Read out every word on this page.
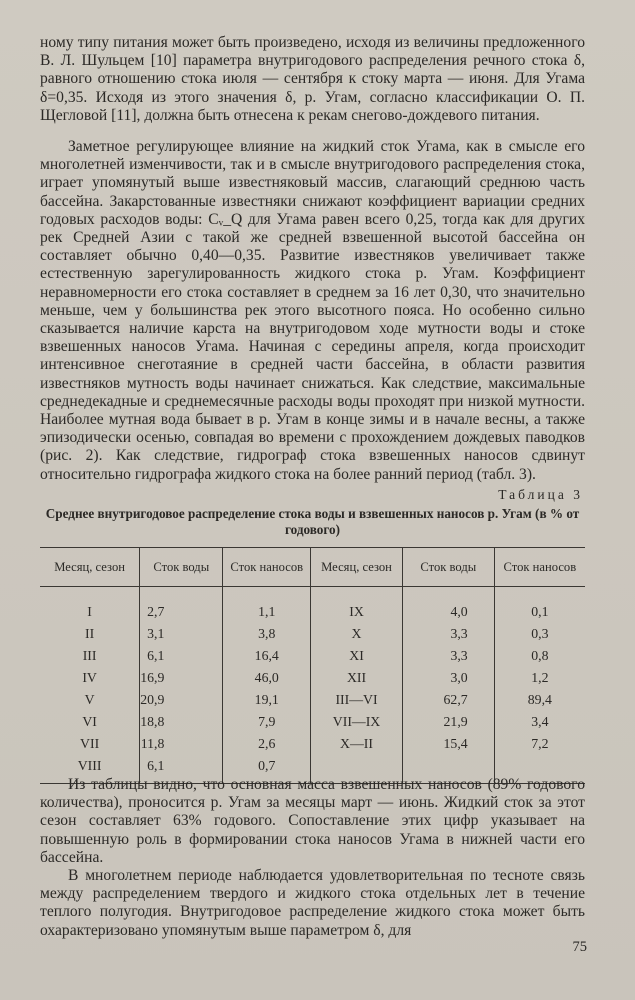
ному типу питания может быть произведено, исходя из величины предложенного В. Л. Шульцем [10] параметра внутригодового распределения речного стока δ, равного отношению стока июля — сентября к стоку марта — июня. Для Угама δ=0,35. Исходя из этого значения δ, р. Угам, согласно классификации О. П. Щегловой [11], должна быть отнесена к рекам снегово-дождевого питания.

Заметное регулирующее влияние на жидкий сток Угама, как в смысле его многолетней изменчивости, так и в смысле внутригодового распределения стока, играет упомянутый выше известняковый массив, слагающий среднюю часть бассейна. Закарстованные известняки снижают коэффициент вариации средних годовых расходов воды: Cᵥ_Q для Угама равен всего 0,25, тогда как для других рек Средней Азии с такой же средней взвешенной высотой бассейна он составляет обычно 0,40—0,35. Развитие известняков увеличивает также естественную зарегулированность жидкого стока р. Угам. Коэффициент неравномерности его стока составляет в среднем за 16 лет 0,30, что значительно меньше, чем у большинства рек этого высотного пояса. Но особенно сильно сказывается наличие карста на внутригодовом ходе мутности воды и стоке взвешенных наносов Угама. Начиная с середины апреля, когда происходит интенсивное снеготаяние в средней части бассейна, в области развития известняков мутность воды начинает снижаться. Как следствие, максимальные среднедекадные и среднемесячные расходы воды проходят при низкой мутности. Наиболее мутная вода бывает в р. Угам в конце зимы и в начале весны, а также эпизодически осенью, совпадая во времени с прохождением дождевых паводков (рис. 2). Как следствие, гидрограф стока взвешенных наносов сдвинут относительно гидрографа жидкого стока на более ранний период (табл. 3).

Таблица 3
Среднее внутригодовое распределение стока воды и взвешенных наносов р. Угам (в % от годового)
Месяц, сезон	Сток воды	Сток наносов	Месяц, сезон	Сток воды	Сток наносов
I	2,7	1,1	IX	4,0	0,1
II	3,1	3,8	X	3,3	0,3
III	6,1	16,4	XI	3,3	0,8
IV	16,9	46,0	XII	3,0	1,2
V	20,9	19,1	III—VI	62,7	89,4
VI	18,8	7,9	VII—IX	21,9	3,4
VII	11,8	2,6	X—II	15,4	7,2
VIII	6,1	0,7			

Из таблицы видно, что основная масса взвешенных наносов (89% годового количества), проносится р. Угам за месяцы март — июнь. Жидкий сток за этот сезон составляет 63% годового. Сопоставление этих цифр указывает на повышенную роль в формировании стока наносов Угама в нижней части его бассейна.

В многолетнем периоде наблюдается удовлетворительная по тесноте связь между распределением твердого и жидкого стока отдельных лет в течение теплого полугодия. Внутригодовое распределение жидкого стока может быть охарактеризовано упомянутым выше параметром δ, для

75
